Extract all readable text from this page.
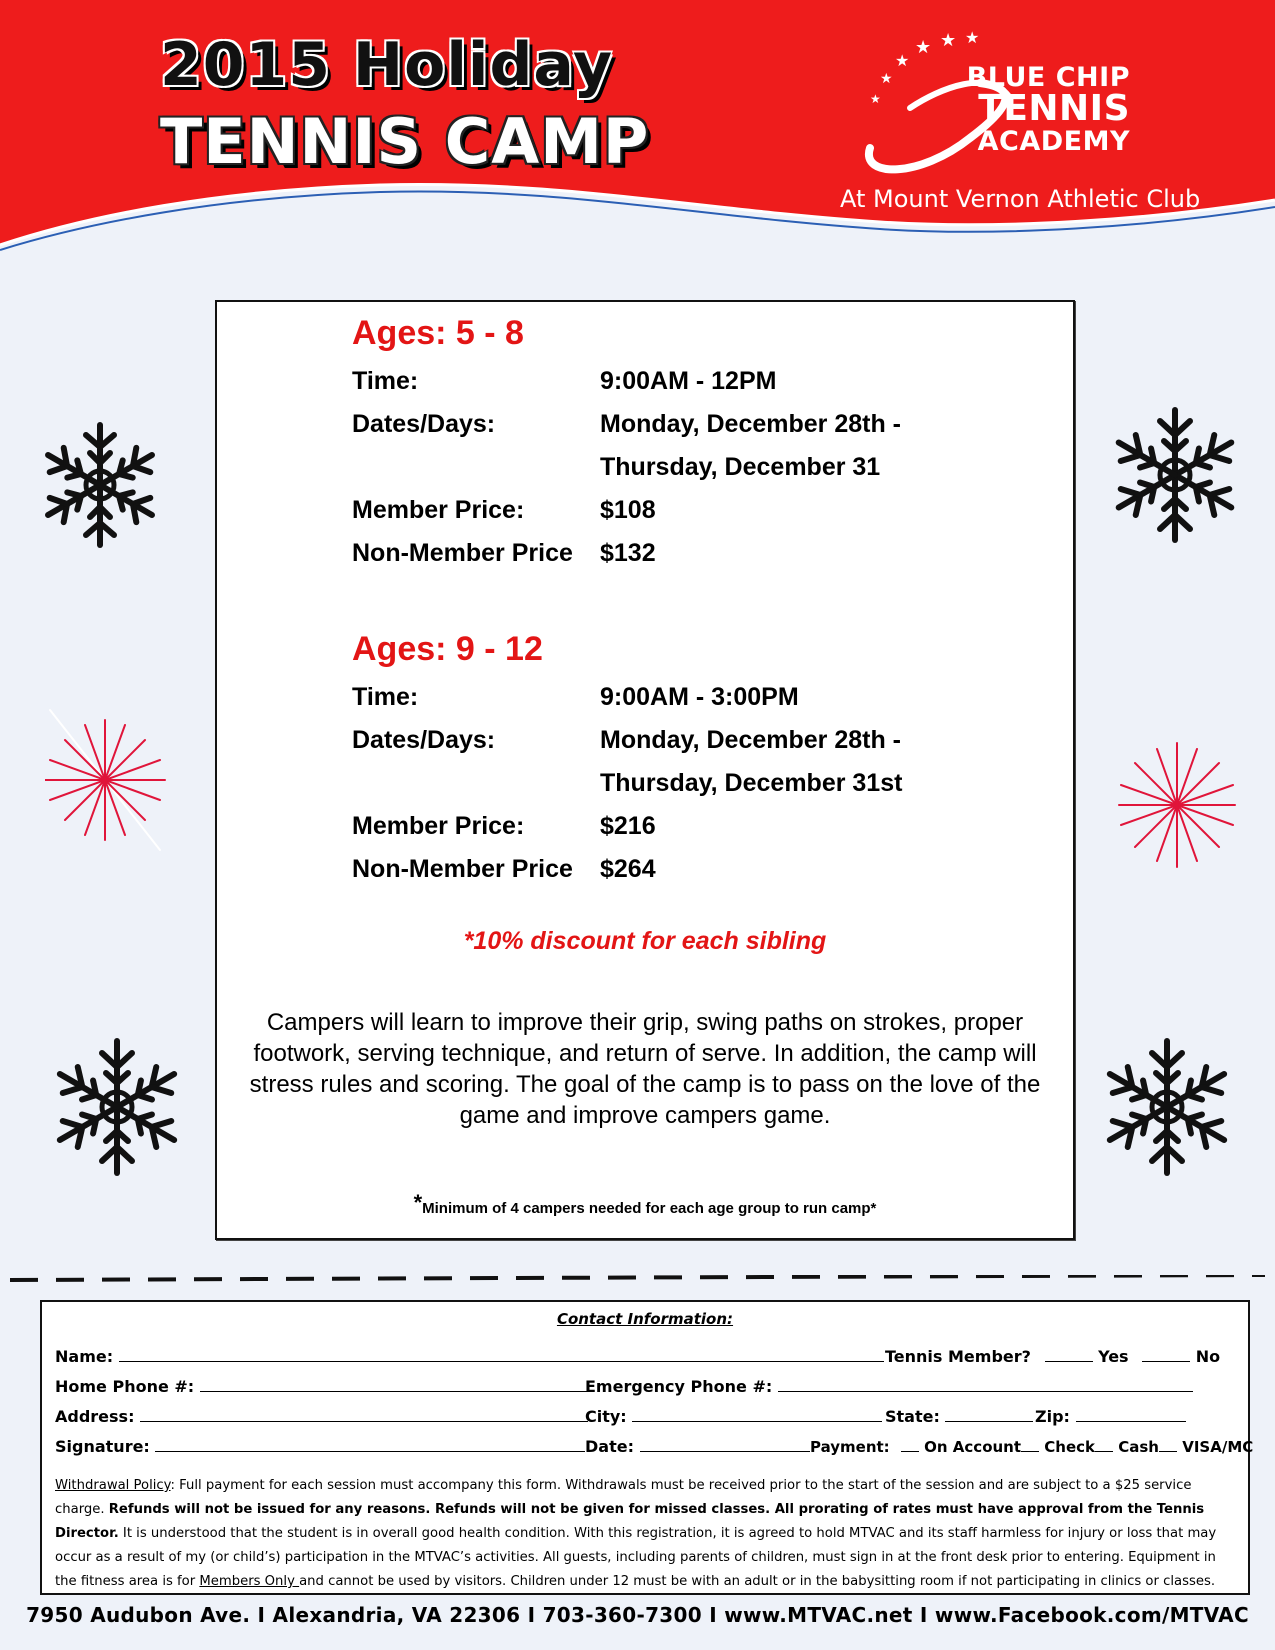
2015 Holiday
TENNIS CAMP
★
★
★ ★ ★
★
BLUE CHIP
TENNIS
ACADEMY
At Mount Vernon Athletic Club
Ages: 5 - 8
Time:	9:00AM - 12PM
Dates/Days:	Monday, December 28th -
Thursday, December 31
Member Price:	$108
Non-Member Price $132
Ages: 9 - 12
Time:	9:00AM - 3:00PM
Dates/Days:	Monday, December 28th -
Thursday, December 31st
Member Price:	$216
Non-Member Price $264
*10% discount for each sibling
Campers will learn to improve their grip, swing paths on strokes, proper footwork, serving technique, and return of serve. In addition, the camp will stress rules and scoring. The goal of the camp is to pass on the love of the game and improve campers game.
*Minimum of 4 campers needed for each age group to run camp*
Contact Information:
Name:	Tennis Member?	Yes	No
Home Phone #:	Emergency Phone #:
Address:	City:	State:	Zip:
Signature:	Date:	Payment: On Account Check Cash VISA/MC
Withdrawal Policy: Full payment for each session must accompany this form. Withdrawals must be received prior to the start of the session and are subject to a $25 service charge. Refunds will not be issued for any reasons. Refunds will not be given for missed classes. All prorating of rates must have approval from the Tennis Director. It is understood that the student is in overall good health condition. With this registration, it is agreed to hold MTVAC and its staff harmless for injury or loss that may occur as a result of my (or child’s) participation in the MTVAC’s activities. All guests, including parents of children, must sign in at the front desk prior to entering. Equipment in the fitness area is for Members Only and cannot be used by visitors. Children under 12 must be with an adult or in the babysitting room if not participating in clinics or classes.
7950 Audubon Ave. I Alexandria, VA 22306 I 703-360-7300 I www.MTVAC.net I www.Facebook.com/MTVAC
